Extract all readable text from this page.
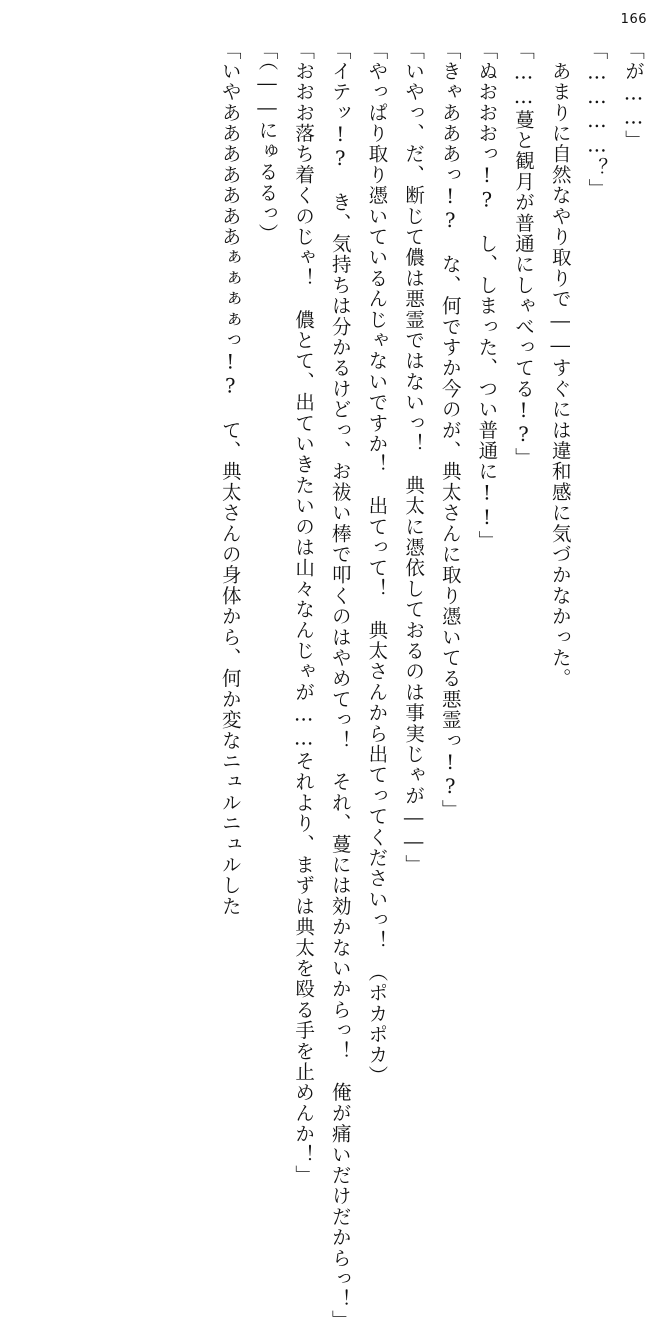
166
「が……」
「…………？」
　あまりに自然なやり取りで――すぐには違和感に気づかなかった。
「……蔓と観月が普通にしゃべってる!?」
「ぬおおおっ!?　し、しまった、つい普通に!!」
「きゃあああっ!?　な、何ですか今のが、典太さんに取り憑いてる悪霊っ!?」
「いやっ、だ、断じて儂は悪霊ではないっ！　典太に憑依しておるのは事実じゃが――」
「やっぱり取り憑いているんじゃないですか！　出てって！　典太さんから出てってくださいっ！　（ポカポカ）
「イテッ!?　き、気持ちは分かるけどっ、お祓い棒で叩くのはやめてっ！　それ、蔓には効かないからっ！　俺が痛いだけだからっ！」
「おおお落ち着くのじゃ！　儂とて、出ていきたいのは山々なんじゃが……それより、まずは典太を殴る手を止めんか！」
「（――にゅるるっ）
「いやあああああああぁぁぁぁっ!?　て、典太さんの身体から、何か変なニュルニュルした
